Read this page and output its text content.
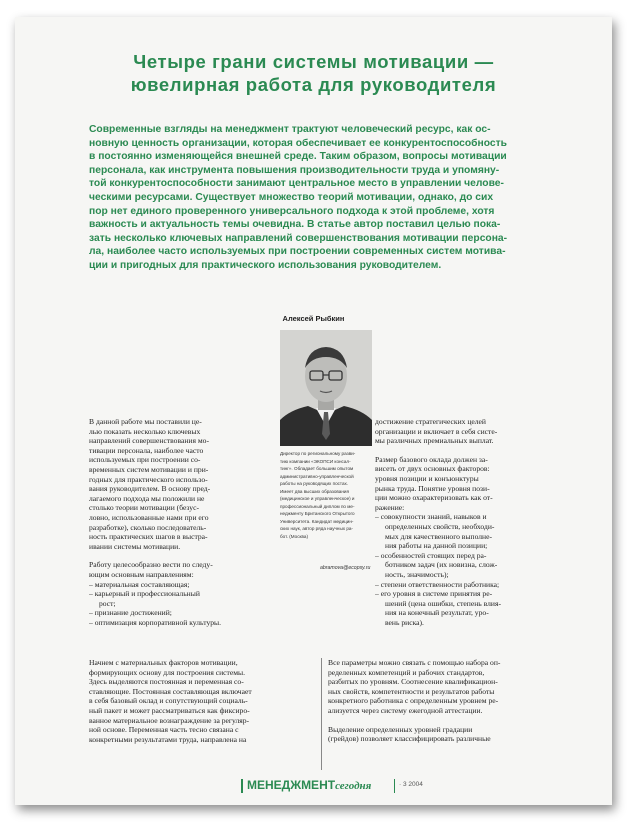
Четыре грани системы мотивации —
ювелирная работа для руководителя
Современные взгляды на менеджмент трактуют человеческий ресурс, как ос-
новную ценность организации, которая обеспечивает ее конкурентоспособность
в постоянно изменяющейся внешней среде. Таким образом, вопросы мотивации
персонала, как инструмента повышения производительности труда и упомяну-
той конкурентоспособности занимают центральное место в управлении челове-
ческими ресурсами. Существует множество теорий мотивации, однако, до сих
пор нет единого проверенного универсального подхода к этой проблеме, хотя
важность и актуальность темы очевидна. В статье автор поставил целью пока-
зать несколько ключевых направлений совершенствования мотивации персона-
ла, наиболее часто используемых при построении современных систем мотива-
ции и пригодных для практического использования руководителем.
Алексей Рыбкин
Директор по региональному разви-
тию компании «ЭКОПСИ консал-
тинг». Обладает большим опытом
административно-управленческой
работы на руководящих постах.
Имеет два высших образования
(медицинское и управленческое) и
профессиональный диплом по ме-
неджменту Британского Открытого
Университета. Кандидат медицин-
ских наук, автор ряда научных ра-
бот. (Москва)
abramova@ecopsy.ru
В данной работе мы поставили це-
лью показать несколько ключевых
направлений совершенствования мо-
тивации персонала, наиболее часто
используемых при построении со-
временных систем мотивации и при-
годных для практического использо-
вания руководителем. В основу пред-
лагаемого подхода мы положили не
столько теории мотивации (безус-
ловно, использованные нами при его
разработке), сколько последователь-
ность практических шагов в выстра-
ивании системы мотивации.
Работу целесообразно вести по следу-
ющим основным направлениям:
– материальная составляющая;
– карьерный и профессиональный
рост;
– признание достижений;
– оптимизация корпоративной культуры.
достижение стратегических целей
организации и включает в себя систе-
мы различных премиальных выплат.
Размер базового оклада должен за-
висеть от двух основных факторов:
уровня позиции и конъюнктуры
рынка труда. Понятие уровня пози-
ции можно охарактеризовать как от-
ражение:
– совокупности знаний, навыков и
определенных свойств, необходи-
мых для качественного выполне-
ния работы на данной позиции;
– особенностей стоящих перед ра-
ботником задач (их новизна, слож-
ность, значимость);
– степени ответственности работника;
– его уровня в системе принятия ре-
шений (цена ошибки, степень влия-
ния на конечный результат, уро-
вень риска).
Начнем с материальных факторов мотивации,
формирующих основу для построения системы.
Здесь выделяются постоянная и переменная со-
ставляющие. Постоянная составляющая включает
в себя базовый оклад и сопутствующий социаль-
ный пакет и может рассматриваться как фиксиро-
ванное материальное вознаграждение за регуляр-
ной основе. Переменная часть тесно связана с
конкретными результатами труда, направлена на
Все параметры можно связать с помощью набора оп-
ределенных компетенций и рабочих стандартов,
разбитых по уровням. Соотнесение квалификацион-
ных свойств, компетентности и результатов работы
конкретного работника с определенным уровнем ре-
ализуется через систему ежегодной аттестации.
Выделение определенных уровней градации
(грейдов) позволяет классифицировать различные
МЕНЕДЖМЕНТсегодня	· 3 2004
